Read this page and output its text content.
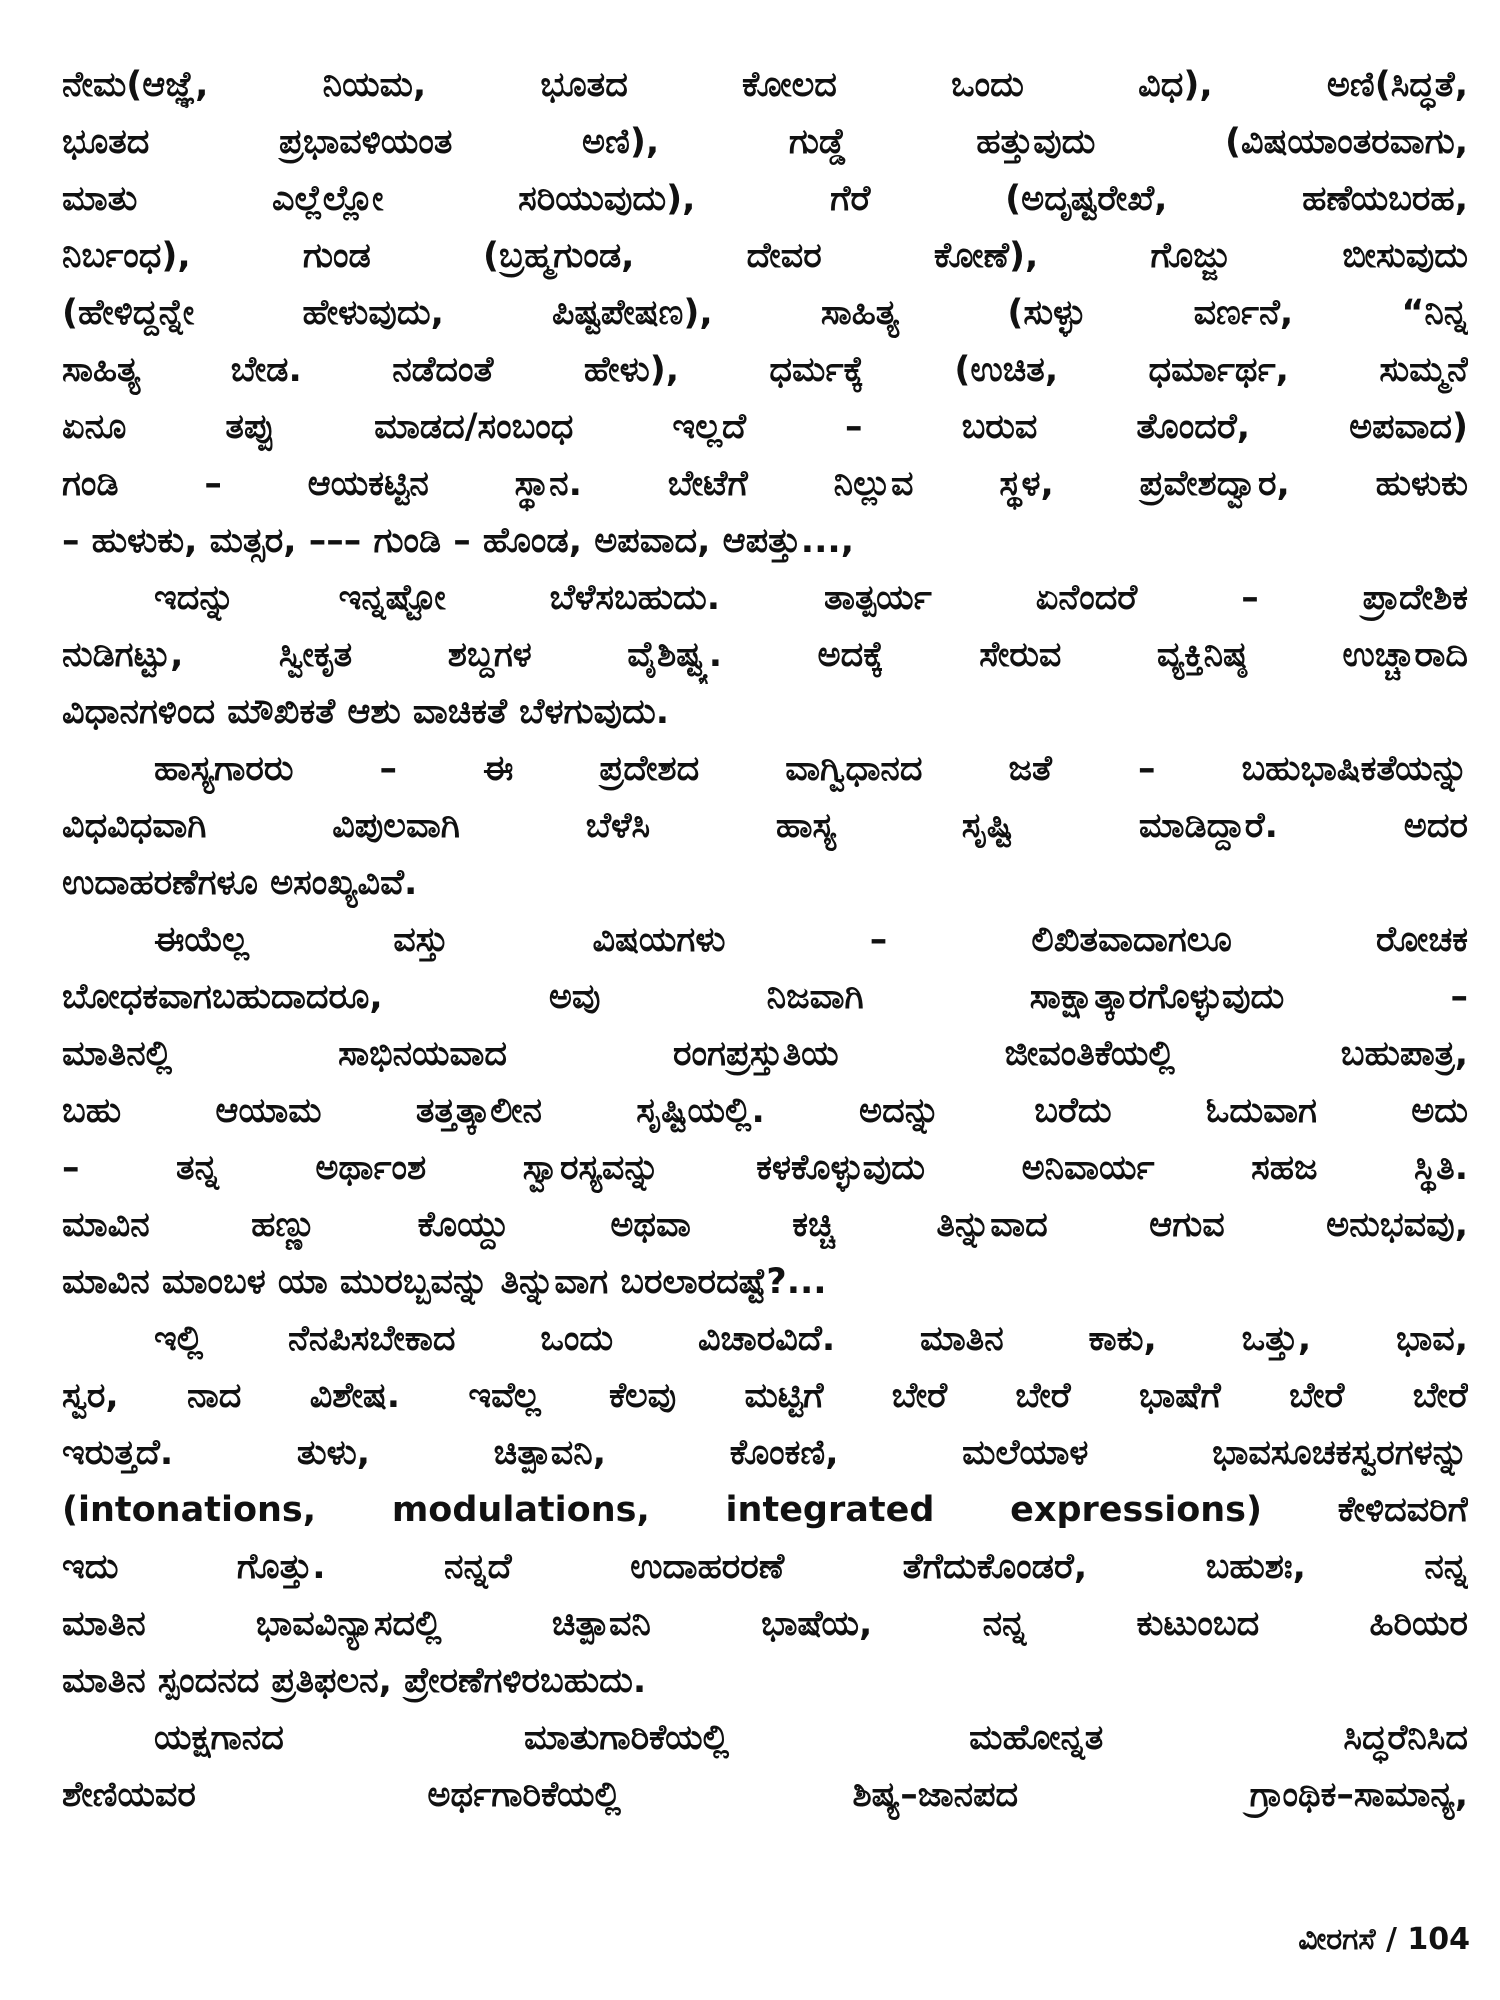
ನೇಮ(ಆಜ್ಞೆ, ನಿಯಮ, ಭೂತದ ಕೋಲದ ಒಂದು ವಿಧ), ಅಣಿ(ಸಿದ್ಧತೆ,
ಭೂತದ ಪ್ರಭಾವಳಿಯಂತ ಅಣಿ), ಗುಡ್ಡೆ ಹತ್ತುವುದು (ವಿಷಯಾಂತರವಾಗು,
ಮಾತು ಎಲ್ಲೆಲ್ಲೋ ಸರಿಯುವುದು), ಗೆರೆ (ಅದೃಷ್ಟರೇಖೆ, ಹಣೆಯಬರಹ,
ನಿರ್ಬಂಧ), ಗುಂಡ (ಬ್ರಹ್ಮಗುಂಡ, ದೇವರ ಕೋಣೆ), ಗೊಜ್ಜು ಬೀಸುವುದು
(ಹೇಳಿದ್ದನ್ನೇ ಹೇಳುವುದು, ಪಿಷ್ಟಪೇಷಣ), ಸಾಹಿತ್ಯ (ಸುಳ್ಳು ವರ್ಣನೆ, “ನಿನ್ನ
ಸಾಹಿತ್ಯ ಬೇಡ. ನಡೆದಂತೆ ಹೇಳು), ಧರ್ಮಕ್ಕೆ (ಉಚಿತ, ಧರ್ಮಾರ್ಥ, ಸುಮ್ಮನೆ
ಏನೂ ತಪ್ಪು ಮಾಡದ/ಸಂಬಂಧ ಇಲ್ಲದೆ – ಬರುವ ತೊಂದರೆ, ಅಪವಾದ)
ಗಂಡಿ – ಆಯಕಟ್ಟಿನ ಸ್ಥಾನ. ಬೇಟೆಗೆ ನಿಲ್ಲುವ ಸ್ಥಳ, ಪ್ರವೇಶದ್ವಾರ, ಹುಳುಕು
– ಹುಳುಕು, ಮತ್ಸರ, ––– ಗುಂಡಿ – ಹೊಂಡ, ಅಪವಾದ, ಆಪತ್ತು...,
ಇದನ್ನು ಇನ್ನಷ್ಟೋ ಬೆಳೆಸಬಹುದು. ತಾತ್ಪರ್ಯ ಏನೆಂದರೆ – ಪ್ರಾದೇಶಿಕ
ನುಡಿಗಟ್ಟು, ಸ್ವೀಕೃತ ಶಬ್ದಗಳ ವೈಶಿಷ್ಟ್ಯ. ಅದಕ್ಕೆ ಸೇರುವ ವ್ಯಕ್ತಿನಿಷ್ಠ ಉಚ್ಚಾರಾದಿ
ವಿಧಾನಗಳಿಂದ ಮೌಖಿಕತೆ ಆಶು ವಾಚಿಕತೆ ಬೆಳಗುವುದು.
ಹಾಸ್ಯಗಾರರು – ಈ ಪ್ರದೇಶದ ವಾಗ್ವಿಧಾನದ ಜತೆ – ಬಹುಭಾಷಿಕತೆಯನ್ನು
ವಿಧವಿಧವಾಗಿ ವಿಪುಲವಾಗಿ ಬೆಳೆಸಿ ಹಾಸ್ಯ ಸೃಷ್ಟಿ ಮಾಡಿದ್ದಾರೆ. ಅದರ
ಉದಾಹರಣೆಗಳೂ ಅಸಂಖ್ಯವಿವೆ.
ಈಯೆಲ್ಲ ವಸ್ತು ವಿಷಯಗಳು – ಲಿಖಿತವಾದಾಗಲೂ ರೋಚಕ
ಬೋಧಕವಾಗಬಹುದಾದರೂ, ಅವು ನಿಜವಾಗಿ ಸಾಕ್ಷಾತ್ಕಾರಗೊಳ್ಳುವುದು –
ಮಾತಿನಲ್ಲಿ ಸಾಭಿನಯವಾದ ರಂಗಪ್ರಸ್ತುತಿಯ ಜೀವಂತಿಕೆಯಲ್ಲಿ ಬಹುಪಾತ್ರ,
ಬಹು ಆಯಾಮ ತತ್ತತ್ಕಾಲೀನ ಸೃಷ್ಟಿಯಲ್ಲಿ. ಅದನ್ನು ಬರೆದು ಓದುವಾಗ ಅದು
– ತನ್ನ ಅರ್ಥಾಂಶ ಸ್ವಾರಸ್ಯವನ್ನು ಕಳಕೊಳ್ಳುವುದು ಅನಿವಾರ್ಯ ಸಹಜ ಸ್ಥಿತಿ.
ಮಾವಿನ ಹಣ್ಣು ಕೊಯ್ದು ಅಥವಾ ಕಚ್ಚಿ ತಿನ್ನುವಾದ ಆಗುವ ಅನುಭವವು,
ಮಾವಿನ ಮಾಂಬಳ ಯಾ ಮುರಬ್ಬವನ್ನು ತಿನ್ನುವಾಗ ಬರಲಾರದಷ್ಟೆ?...
ಇಲ್ಲಿ ನೆನಪಿಸಬೇಕಾದ ಒಂದು ವಿಚಾರವಿದೆ. ಮಾತಿನ ಕಾಕು, ಒತ್ತು, ಭಾವ,
ಸ್ವರ, ನಾದ ವಿಶೇಷ. ಇವೆಲ್ಲ ಕೆಲವು ಮಟ್ಟಿಗೆ ಬೇರೆ ಬೇರೆ ಭಾಷೆಗೆ ಬೇರೆ ಬೇರೆ
ಇರುತ್ತದೆ. ತುಳು, ಚಿತ್ಪಾವನಿ, ಕೊಂಕಣಿ, ಮಲೆಯಾಳ ಭಾವಸೂಚಕಸ್ವರಗಳನ್ನು
(intonations, modulations, integrated expressions) ಕೇಳಿದವರಿಗೆ
ಇದು ಗೊತ್ತು. ನನ್ನದೆ ಉದಾಹರರಣೆ ತೆಗೆದುಕೊಂಡರೆ, ಬಹುಶಃ, ನನ್ನ
ಮಾತಿನ ಭಾವವಿನ್ಯಾಸದಲ್ಲಿ ಚಿತ್ಪಾವನಿ ಭಾಷೆಯ, ನನ್ನ ಕುಟುಂಬದ ಹಿರಿಯರ
ಮಾತಿನ ಸ್ಪಂದನದ ಪ್ರತಿಫಲನ, ಪ್ರೇರಣೆಗಳಿರಬಹುದು.
ಯಕ್ಷಗಾನದ ಮಾತುಗಾರಿಕೆಯಲ್ಲಿ ಮಹೋನ್ನತ ಸಿದ್ಧರೆನಿಸಿದ
ಶೇಣಿಯವರ ಅರ್ಥಗಾರಿಕೆಯಲ್ಲಿ ಶಿಷ್ಯ–ಜಾನಪದ ಗ್ರಾಂಥಿಕ–ಸಾಮಾನ್ಯ,
ವೀರಗಸೆ / 104
